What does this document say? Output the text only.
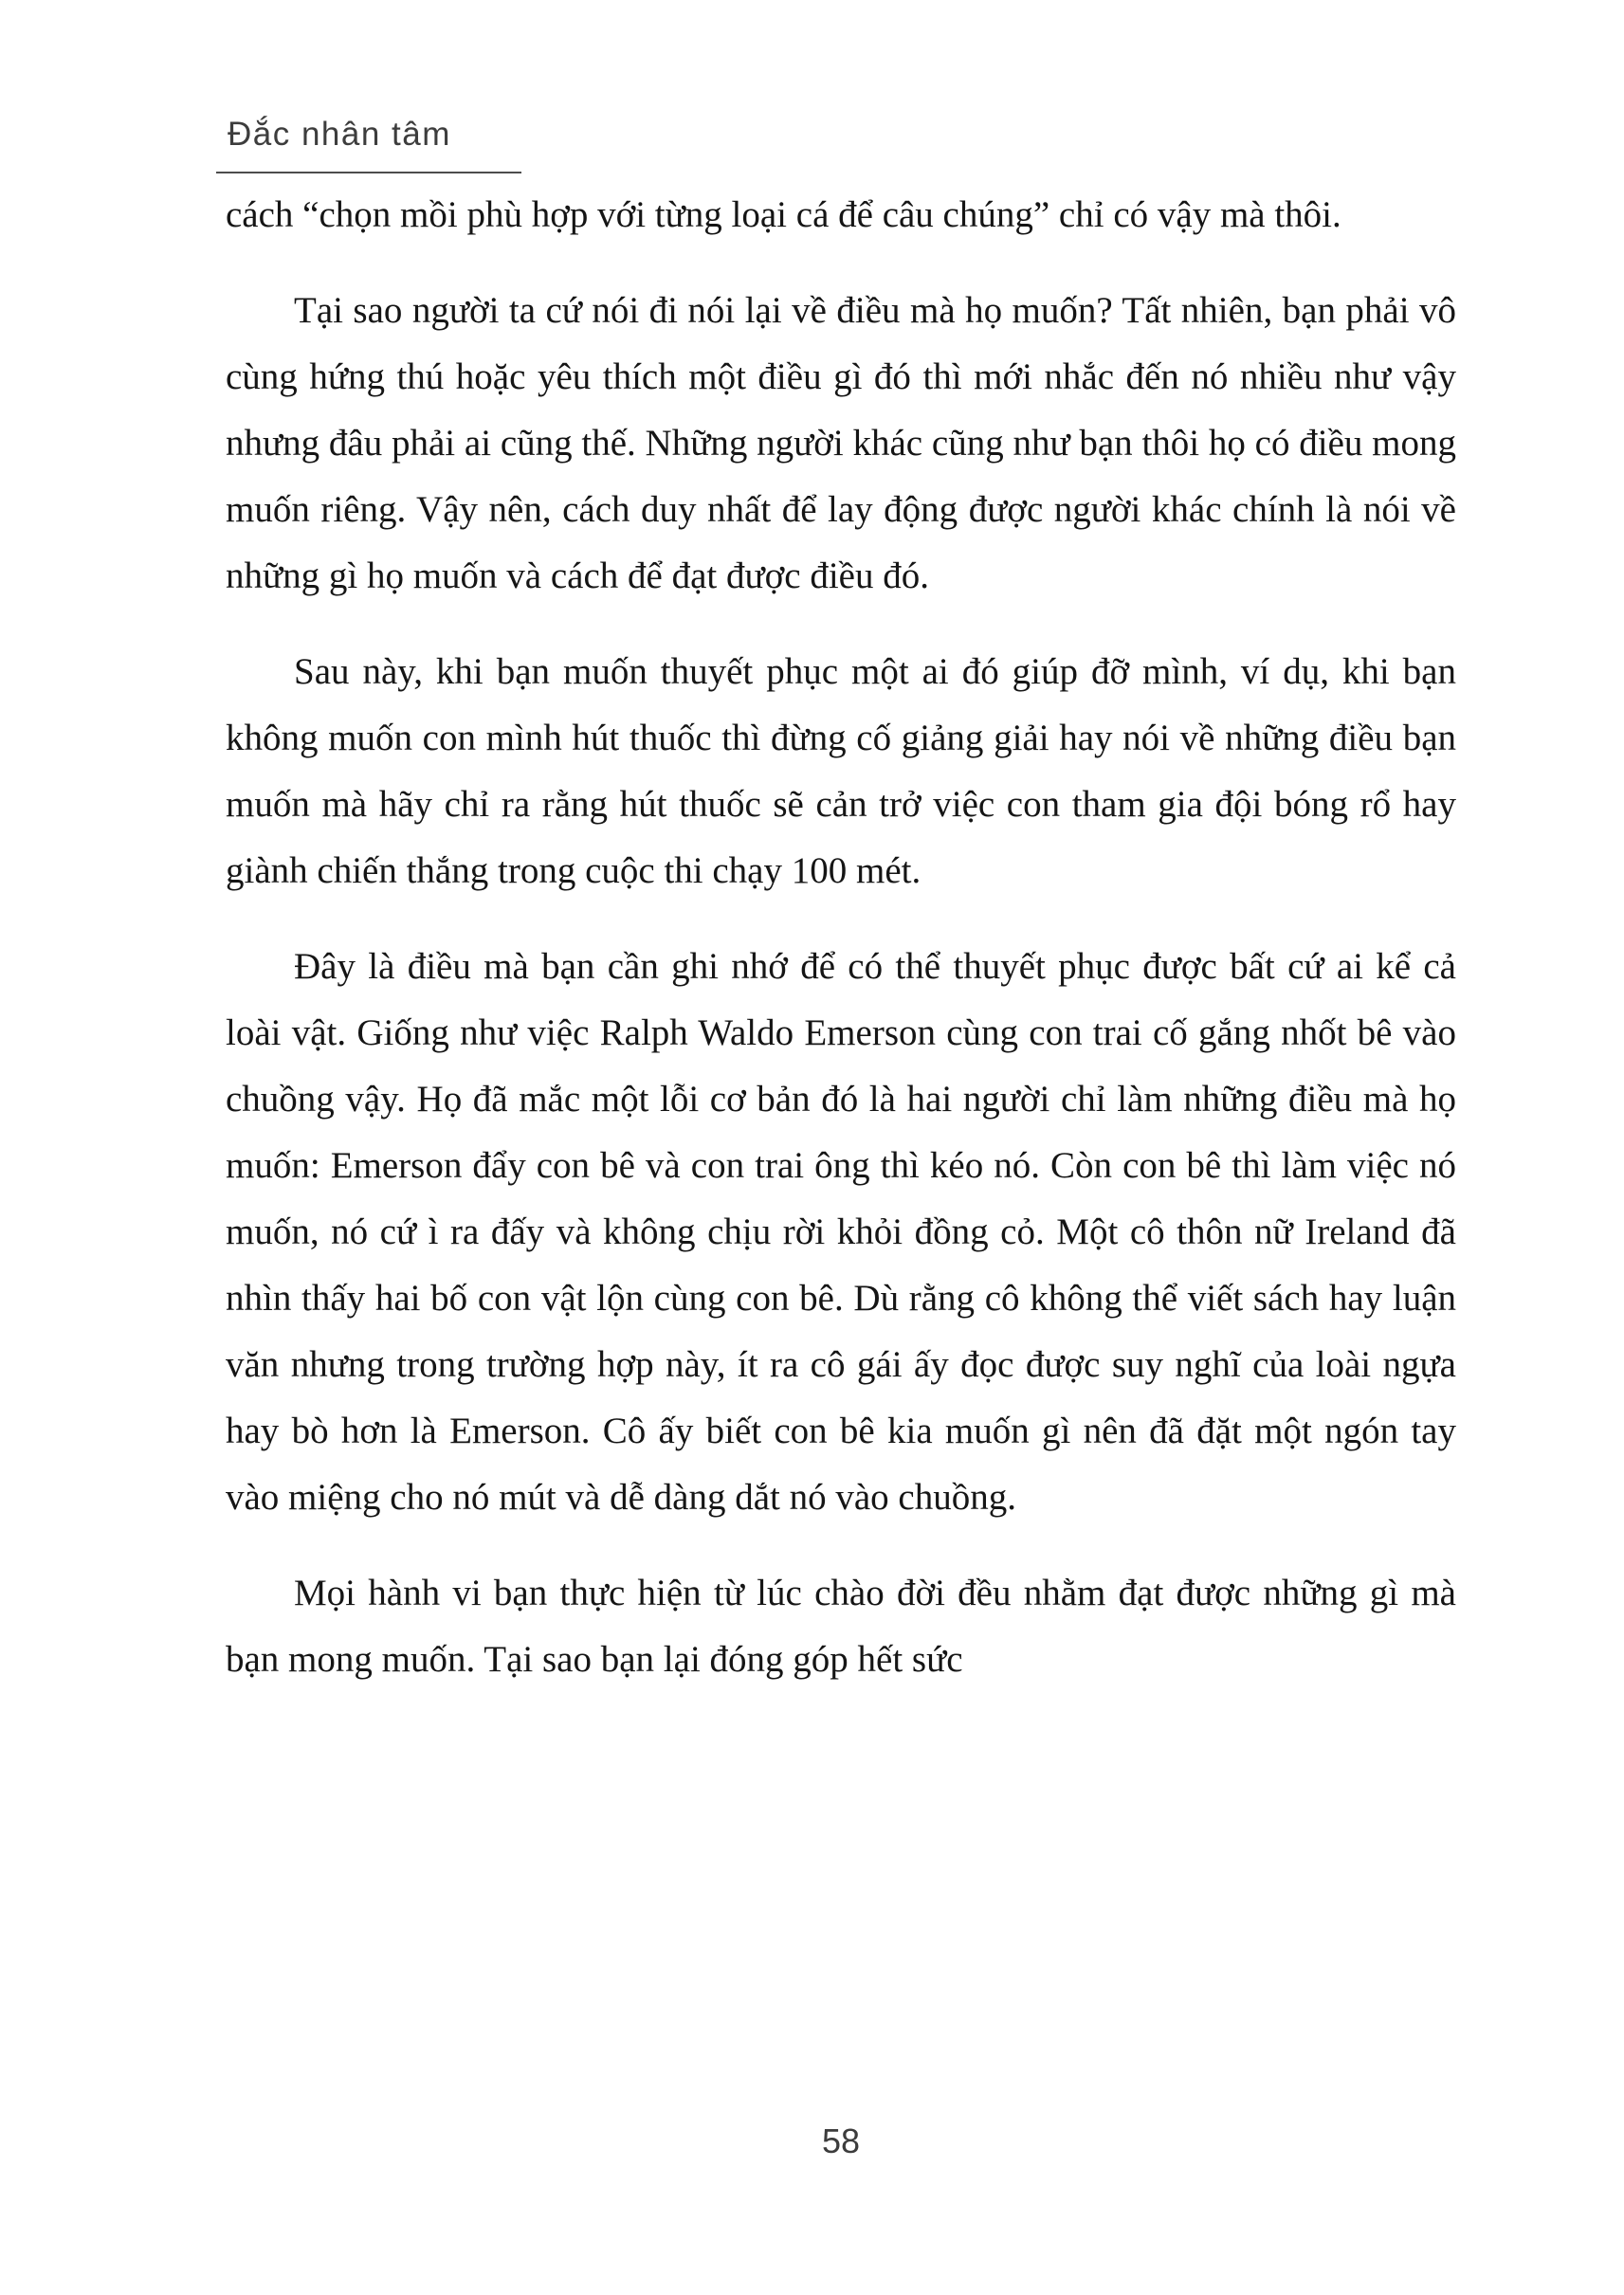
Đắc nhân tâm

cách “chọn mồi phù hợp với từng loại cá để câu chúng” chỉ có vậy mà thôi.

Tại sao người ta cứ nói đi nói lại về điều mà họ muốn? Tất nhiên, bạn phải vô cùng hứng thú hoặc yêu thích một điều gì đó thì mới nhắc đến nó nhiều như vậy nhưng đâu phải ai cũng thế. Những người khác cũng như bạn thôi họ có điều mong muốn riêng. Vậy nên, cách duy nhất để lay động được người khác chính là nói về những gì họ muốn và cách để đạt được điều đó.

Sau này, khi bạn muốn thuyết phục một ai đó giúp đỡ mình, ví dụ, khi bạn không muốn con mình hút thuốc thì đừng cố giảng giải hay nói về những điều bạn muốn mà hãy chỉ ra rằng hút thuốc sẽ cản trở việc con tham gia đội bóng rổ hay giành chiến thắng trong cuộc thi chạy 100 mét.

Đây là điều mà bạn cần ghi nhớ để có thể thuyết phục được bất cứ ai kể cả loài vật. Giống như việc Ralph Waldo Emerson cùng con trai cố gắng nhốt bê vào chuồng vậy. Họ đã mắc một lỗi cơ bản đó là hai người chỉ làm những điều mà họ muốn: Emerson đẩy con bê và con trai ông thì kéo nó. Còn con bê thì làm việc nó muốn, nó cứ ì ra đấy và không chịu rời khỏi đồng cỏ. Một cô thôn nữ Ireland đã nhìn thấy hai bố con vật lộn cùng con bê. Dù rằng cô không thể viết sách hay luận văn nhưng trong trường hợp này, ít ra cô gái ấy đọc được suy nghĩ của loài ngựa hay bò hơn là Emerson. Cô ấy biết con bê kia muốn gì nên đã đặt một ngón tay vào miệng cho nó mút và dễ dàng dắt nó vào chuồng.

Mọi hành vi bạn thực hiện từ lúc chào đời đều nhằm đạt được những gì mà bạn mong muốn. Tại sao bạn lại đóng góp hết sức

58
